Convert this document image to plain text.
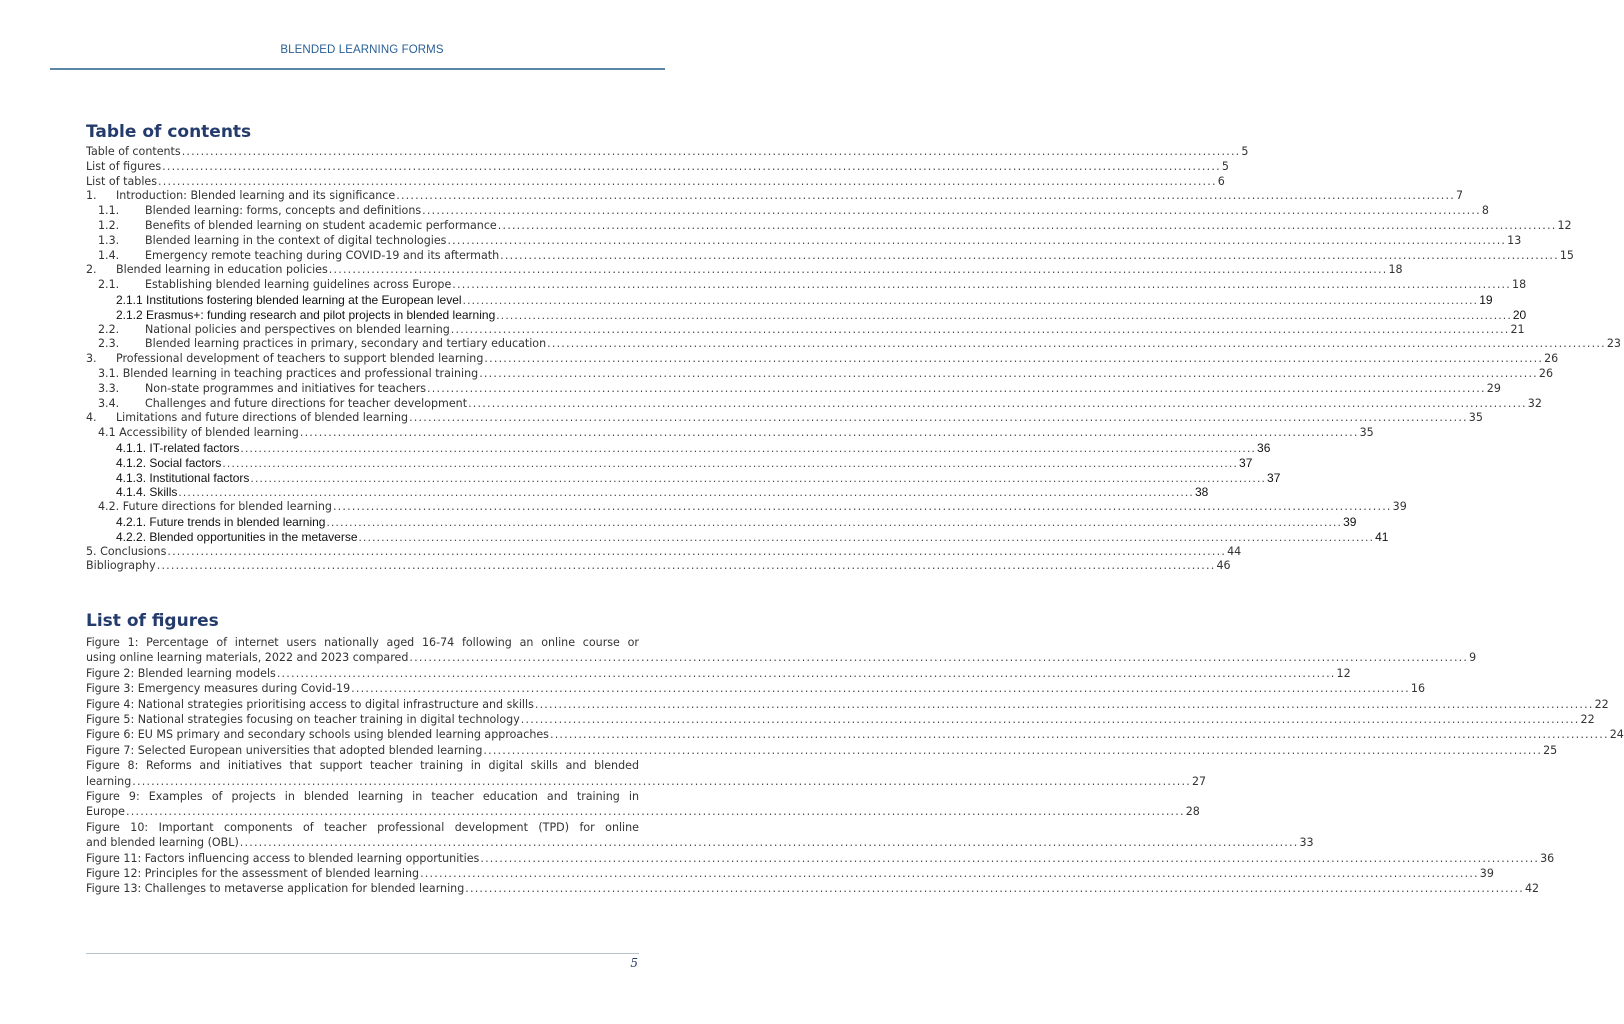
BLENDED LEARNING FORMS
Table of contents
Table of contents .....	5
List of figures .....	5
List of tables .....	6
1.	Introduction: Blended learning and its significance .....	7
1.1.	Blended learning: forms, concepts and definitions .....	8
1.2.	Benefits of blended learning on student academic performance .....	12
1.3.	Blended learning in the context of digital technologies .....	13
1.4.	Emergency remote teaching during COVID-19 and its aftermath .....	15
2.	Blended learning in education policies .....	18
2.1.	Establishing blended learning guidelines across Europe .....	18
2.1.1 Institutions fostering blended learning at the European level .....	19
2.1.2 Erasmus+: funding research and pilot projects in blended learning .....	20
2.2.	National policies and perspectives on blended learning .....	21
2.3.	Blended learning practices in primary, secondary and tertiary education .....	23
3.	Professional development of teachers to support blended learning .....	26
3.1. Blended learning in teaching practices and professional training .....	26
3.3.	Non-state programmes and initiatives for teachers .....	29
3.4.	Challenges and future directions for teacher development .....	32
4.	Limitations and future directions of blended learning .....	35
4.1 Accessibility of blended learning .....	35
4.1.1. IT-related factors .....	36
4.1.2. Social factors .....	37
4.1.3. Institutional factors .....	37
4.1.4. Skills .....	38
4.2. Future directions for blended learning .....	39
4.2.1. Future trends in blended learning .....	39
4.2.2. Blended opportunities in the metaverse .....	41
5. Conclusions .....	44
Bibliography .....	46
List of figures
Figure 1: Percentage of internet users nationally aged 16-74 following an online course or
using online learning materials, 2022 and 2023 compared .....	9
Figure 2: Blended learning models .....	12
Figure 3: Emergency measures during Covid-19 .....	16
Figure 4: National strategies prioritising access to digital infrastructure and skills .....	22
Figure 5: National strategies focusing on teacher training in digital technology .....	22
Figure 6: EU MS primary and secondary schools using blended learning approaches .....	24
Figure 7: Selected European universities that adopted blended learning .....	25
Figure 8: Reforms and initiatives that support teacher training in digital skills and blended
learning .....	27
Figure 9: Examples of projects in blended learning in teacher education and training in
Europe .....	28
Figure 10: Important components of teacher professional development (TPD) for online
and blended learning (OBL) .....	33
Figure 11: Factors influencing access to blended learning opportunities .....	36
Figure 12: Principles for the assessment of blended learning .....	39
Figure 13: Challenges to metaverse application for blended learning .....	42
5
